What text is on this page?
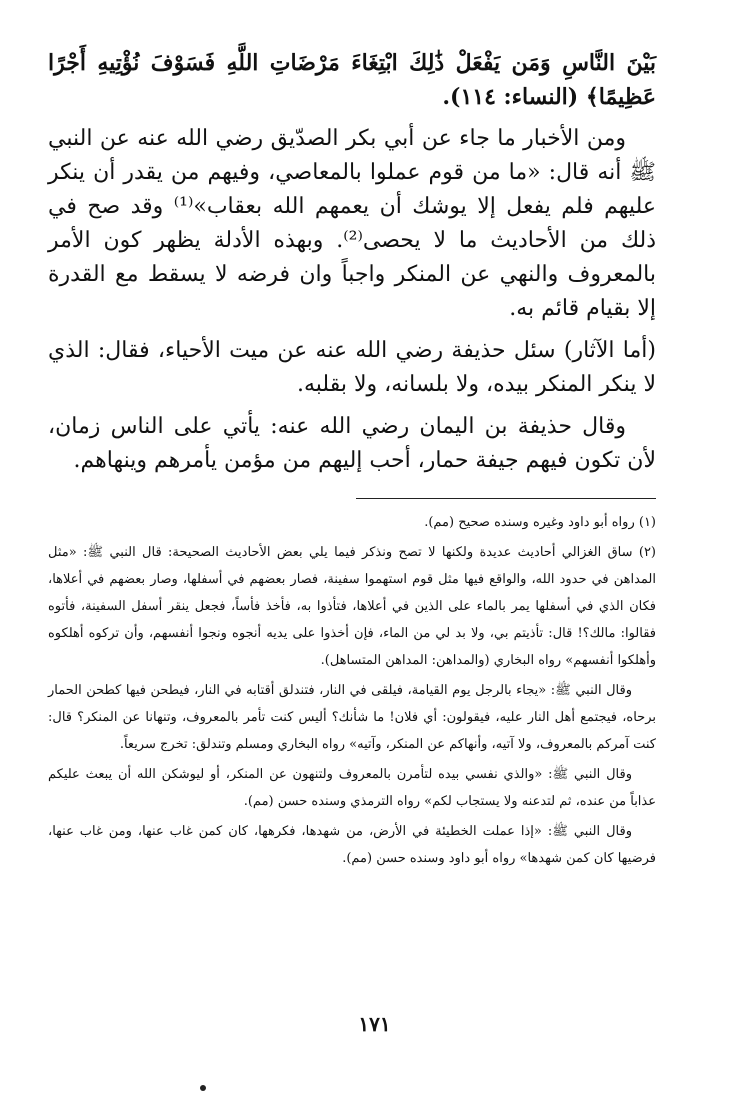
بَيْنَ النَّاسِ وَمَن يَفْعَلْ ذَٰلِكَ ابْتِغَاءَ مَرْضَاتِ اللَّهِ فَسَوْفَ نُؤْتِيهِ أَجْرًا عَظِيمًا﴾ (النساء: ١١٤).

ومن الأخبار ما جاء عن أبي بكر الصدّيق رضي الله عنه عن النبي ﷺ أنه قال: «ما من قوم عملوا بالمعاصي، وفيهم من يقدر أن ينكر عليهم فلم يفعل إلا يوشك أن يعمهم الله بعقاب»⁽¹⁾ وقد صح في ذلك من الأحاديث ما لا يحصى⁽²⁾. وبهذه الأدلة يظهر كون الأمر بالمعروف والنهي عن المنكر واجباً وان فرضه لا يسقط مع القدرة إلا بقيام قائم به.

(أما الآثار) سئل حذيفة رضي الله عنه عن ميت الأحياء، فقال: الذي لا ينكر المنكر بيده، ولا بلسانه، ولا بقلبه.

وقال حذيفة بن اليمان رضي الله عنه: يأتي على الناس زمان، لأن تكون فيهم جيفة حمار، أحب إليهم من مؤمن يأمرهم وينهاهم.

(١) رواه أبو داود وغيره وسنده صحيح (مم).

(٢) ساق الغزالي أحاديث عديدة ولكنها لا تصح ونذكر فيما يلي بعض الأحاديث الصحيحة: قال النبي ﷺ: «مثل المداهن في حدود الله، والواقع فيها مثل قوم استهموا سفينة، فصار بعضهم في أسفلها، وصار بعضهم في أعلاها، فكان الذي في أسفلها يمر بالماء على الذين في أعلاها، فتأذوا به، فأخذ فأساً، فجعل ينقر أسفل السفينة، فأتوه فقالوا: مالك؟! قال: تأذيتم بي، ولا بد لي من الماء، فإن أخذوا على يديه أنجوه ونجوا أنفسهم، وأن تركوه أهلكوه وأهلكوا أنفسهم» رواه البخاري (والمداهن: المداهن المتساهل).

وقال النبي ﷺ: «يجاء بالرجل يوم القيامة، فيلقى في النار، فتندلق أقتابه في النار، فيطحن فيها كطحن الحمار برحاه، فيجتمع أهل النار عليه، فيقولون: أي فلان! ما شأنك؟ أليس كنت تأمر بالمعروف، وتنهانا عن المنكر؟ قال: كنت آمركم بالمعروف، ولا آتيه، وأنهاكم عن المنكر، وآتيه» رواه البخاري ومسلم وتندلق: تخرج سريعاً.

وقال النبي ﷺ: «والذي نفسي بيده لتأمرن بالمعروف ولتنهون عن المنكر، أو ليوشكن الله أن يبعث عليكم عذاباً من عنده، ثم لتدعنه ولا يستجاب لكم» رواه الترمذي وسنده حسن (مم).

وقال النبي ﷺ: «إذا عملت الخطيئة في الأرض، من شهدها، فكرهها، كان كمن غاب عنها، ومن غاب عنها، فرضيها كان كمن شهدها» رواه أبو داود وسنده حسن (مم).

١٧١
